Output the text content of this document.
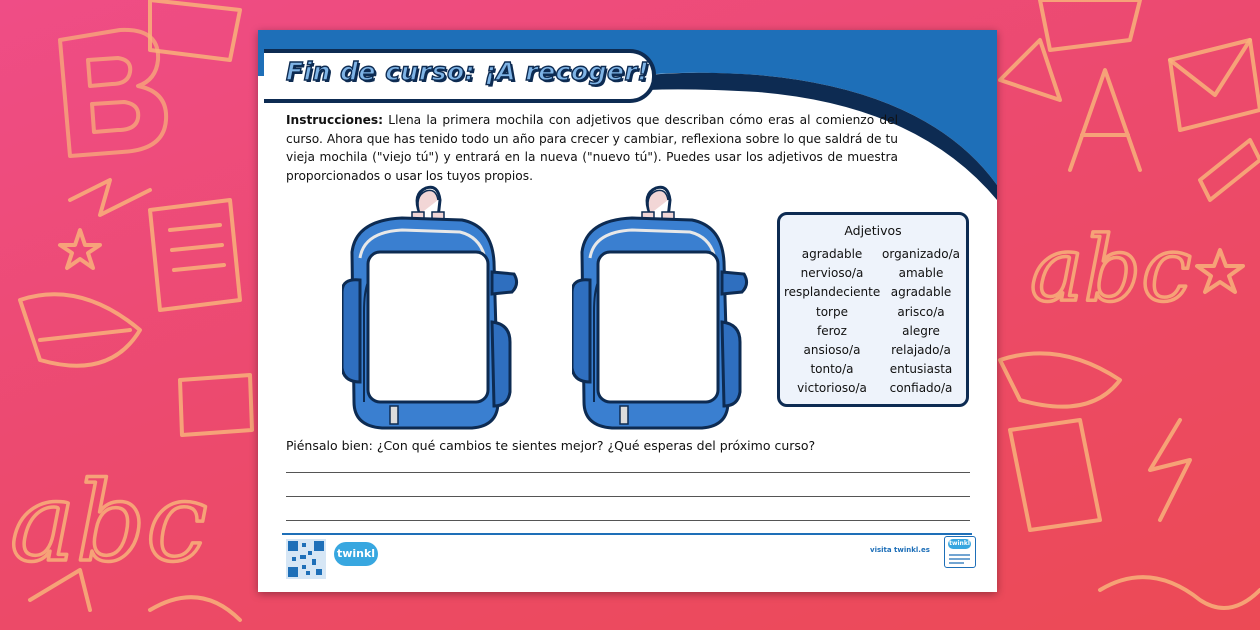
abc
abc
Fin de curso: ¡A recoger!
Instrucciones: Llena la primera mochila con adjetivos que describan cómo eras al comienzo del curso. Ahora que has tenido todo un año para crecer y cambiar, reflexiona sobre lo que saldrá de tu vieja mochila ("viejo tú") y entrará en la nueva ("nuevo tú"). Puedes usar los adjetivos de muestra proporcionados o usar los tuyos propios.
Adjetivos
agradable
nervioso/a
resplandeciente
torpe
feroz
ansioso/a
tonto/a
victorioso/a
organizado/a
amable
agradable
arisco/a
alegre
relajado/a
entusiasta
confiado/a
Piénsalo bien: ¿Con qué cambios te sientes mejor? ¿Qué esperas del próximo curso?
twinkl	visita twinkl.es
twinkl
